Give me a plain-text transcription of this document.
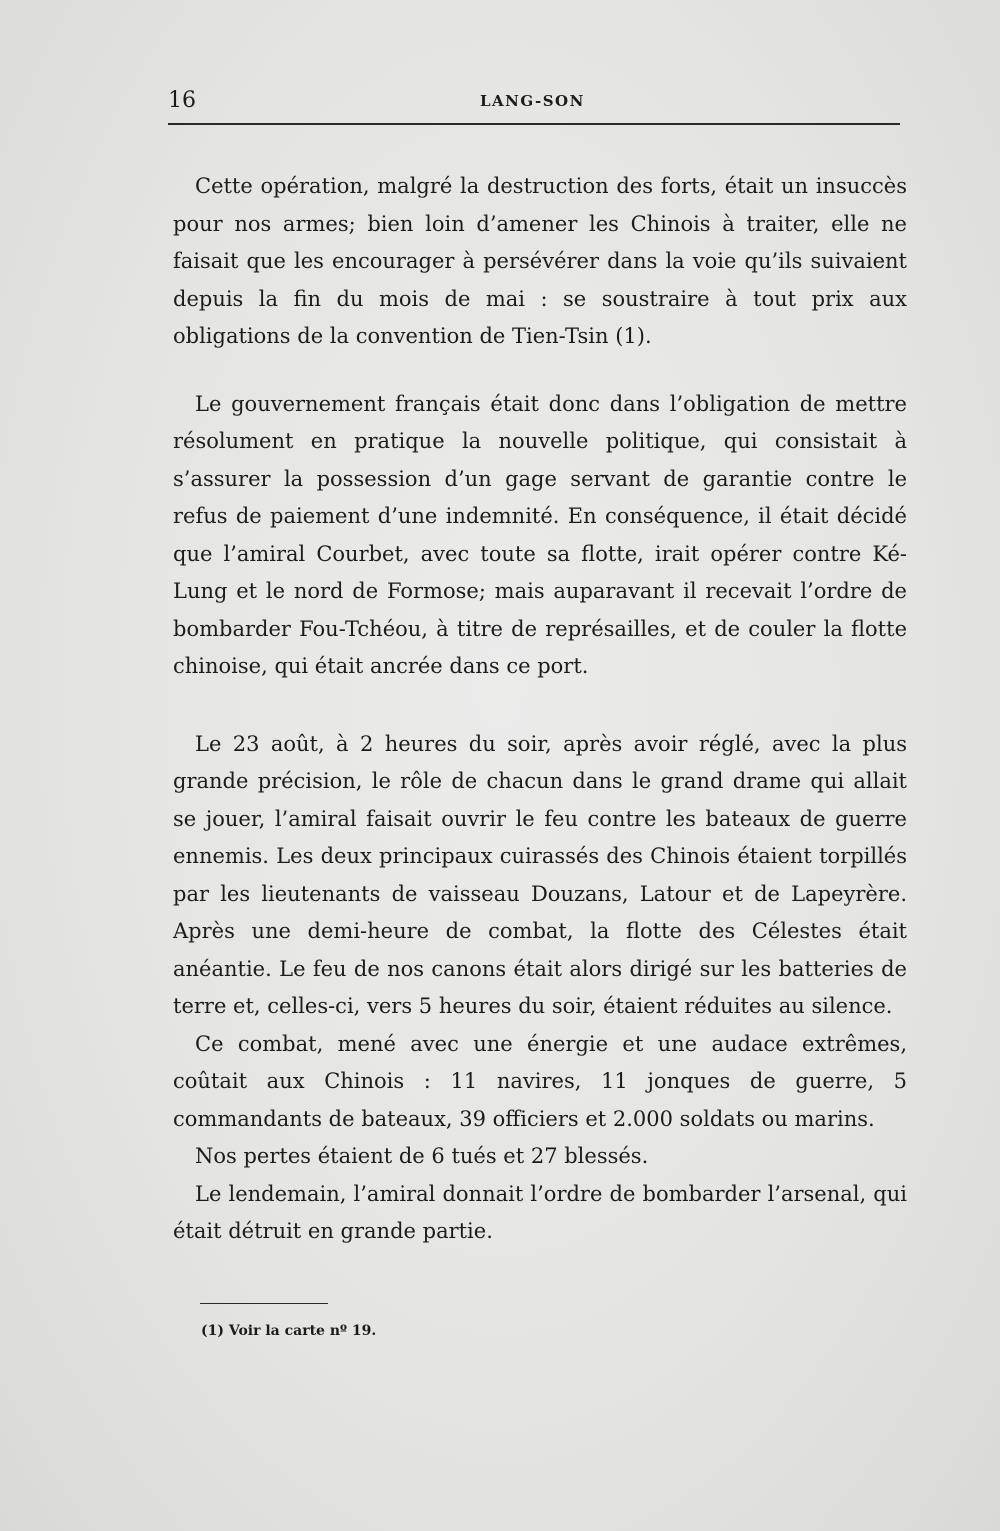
16	LANG-SON

Cette opération, malgré la destruction des forts, était un insuccès pour nos armes; bien loin d’amener les Chinois à traiter, elle ne faisait que les encourager à persévérer dans la voie qu’ils suivaient depuis la fin du mois de mai : se soustraire à tout prix aux obligations de la convention de Tien-Tsin (1).

Le gouvernement français était donc dans l’obligation de mettre résolument en pratique la nouvelle politique, qui consistait à s’assurer la possession d’un gage servant de garantie contre le refus de paiement d’une indemnité. En conséquence, il était décidé que l’amiral Courbet, avec toute sa flotte, irait opérer contre Ké-Lung et le nord de Formose; mais auparavant il recevait l’ordre de bombarder Fou-Tchéou, à titre de représailles, et de couler la flotte chinoise, qui était ancrée dans ce port.

Le 23 août, à 2 heures du soir, après avoir réglé, avec la plus grande précision, le rôle de chacun dans le grand drame qui allait se jouer, l’amiral faisait ouvrir le feu contre les bateaux de guerre ennemis. Les deux principaux cuirassés des Chinois étaient torpillés par les lieutenants de vaisseau Douzans, Latour et de Lapeyrère. Après une demi-heure de combat, la flotte des Célestes était anéantie. Le feu de nos canons était alors dirigé sur les batteries de terre et, celles-ci, vers 5 heures du soir, étaient réduites au silence.

Ce combat, mené avec une énergie et une audace extrêmes, coûtait aux Chinois : 11 navires, 11 jonques de guerre, 5 commandants de bateaux, 39 officiers et 2.000 soldats ou marins.

Nos pertes étaient de 6 tués et 27 blessés.

Le lendemain, l’amiral donnait l’ordre de bombarder l’arsenal, qui était détruit en grande partie.

(1) Voir la carte nº 19.
